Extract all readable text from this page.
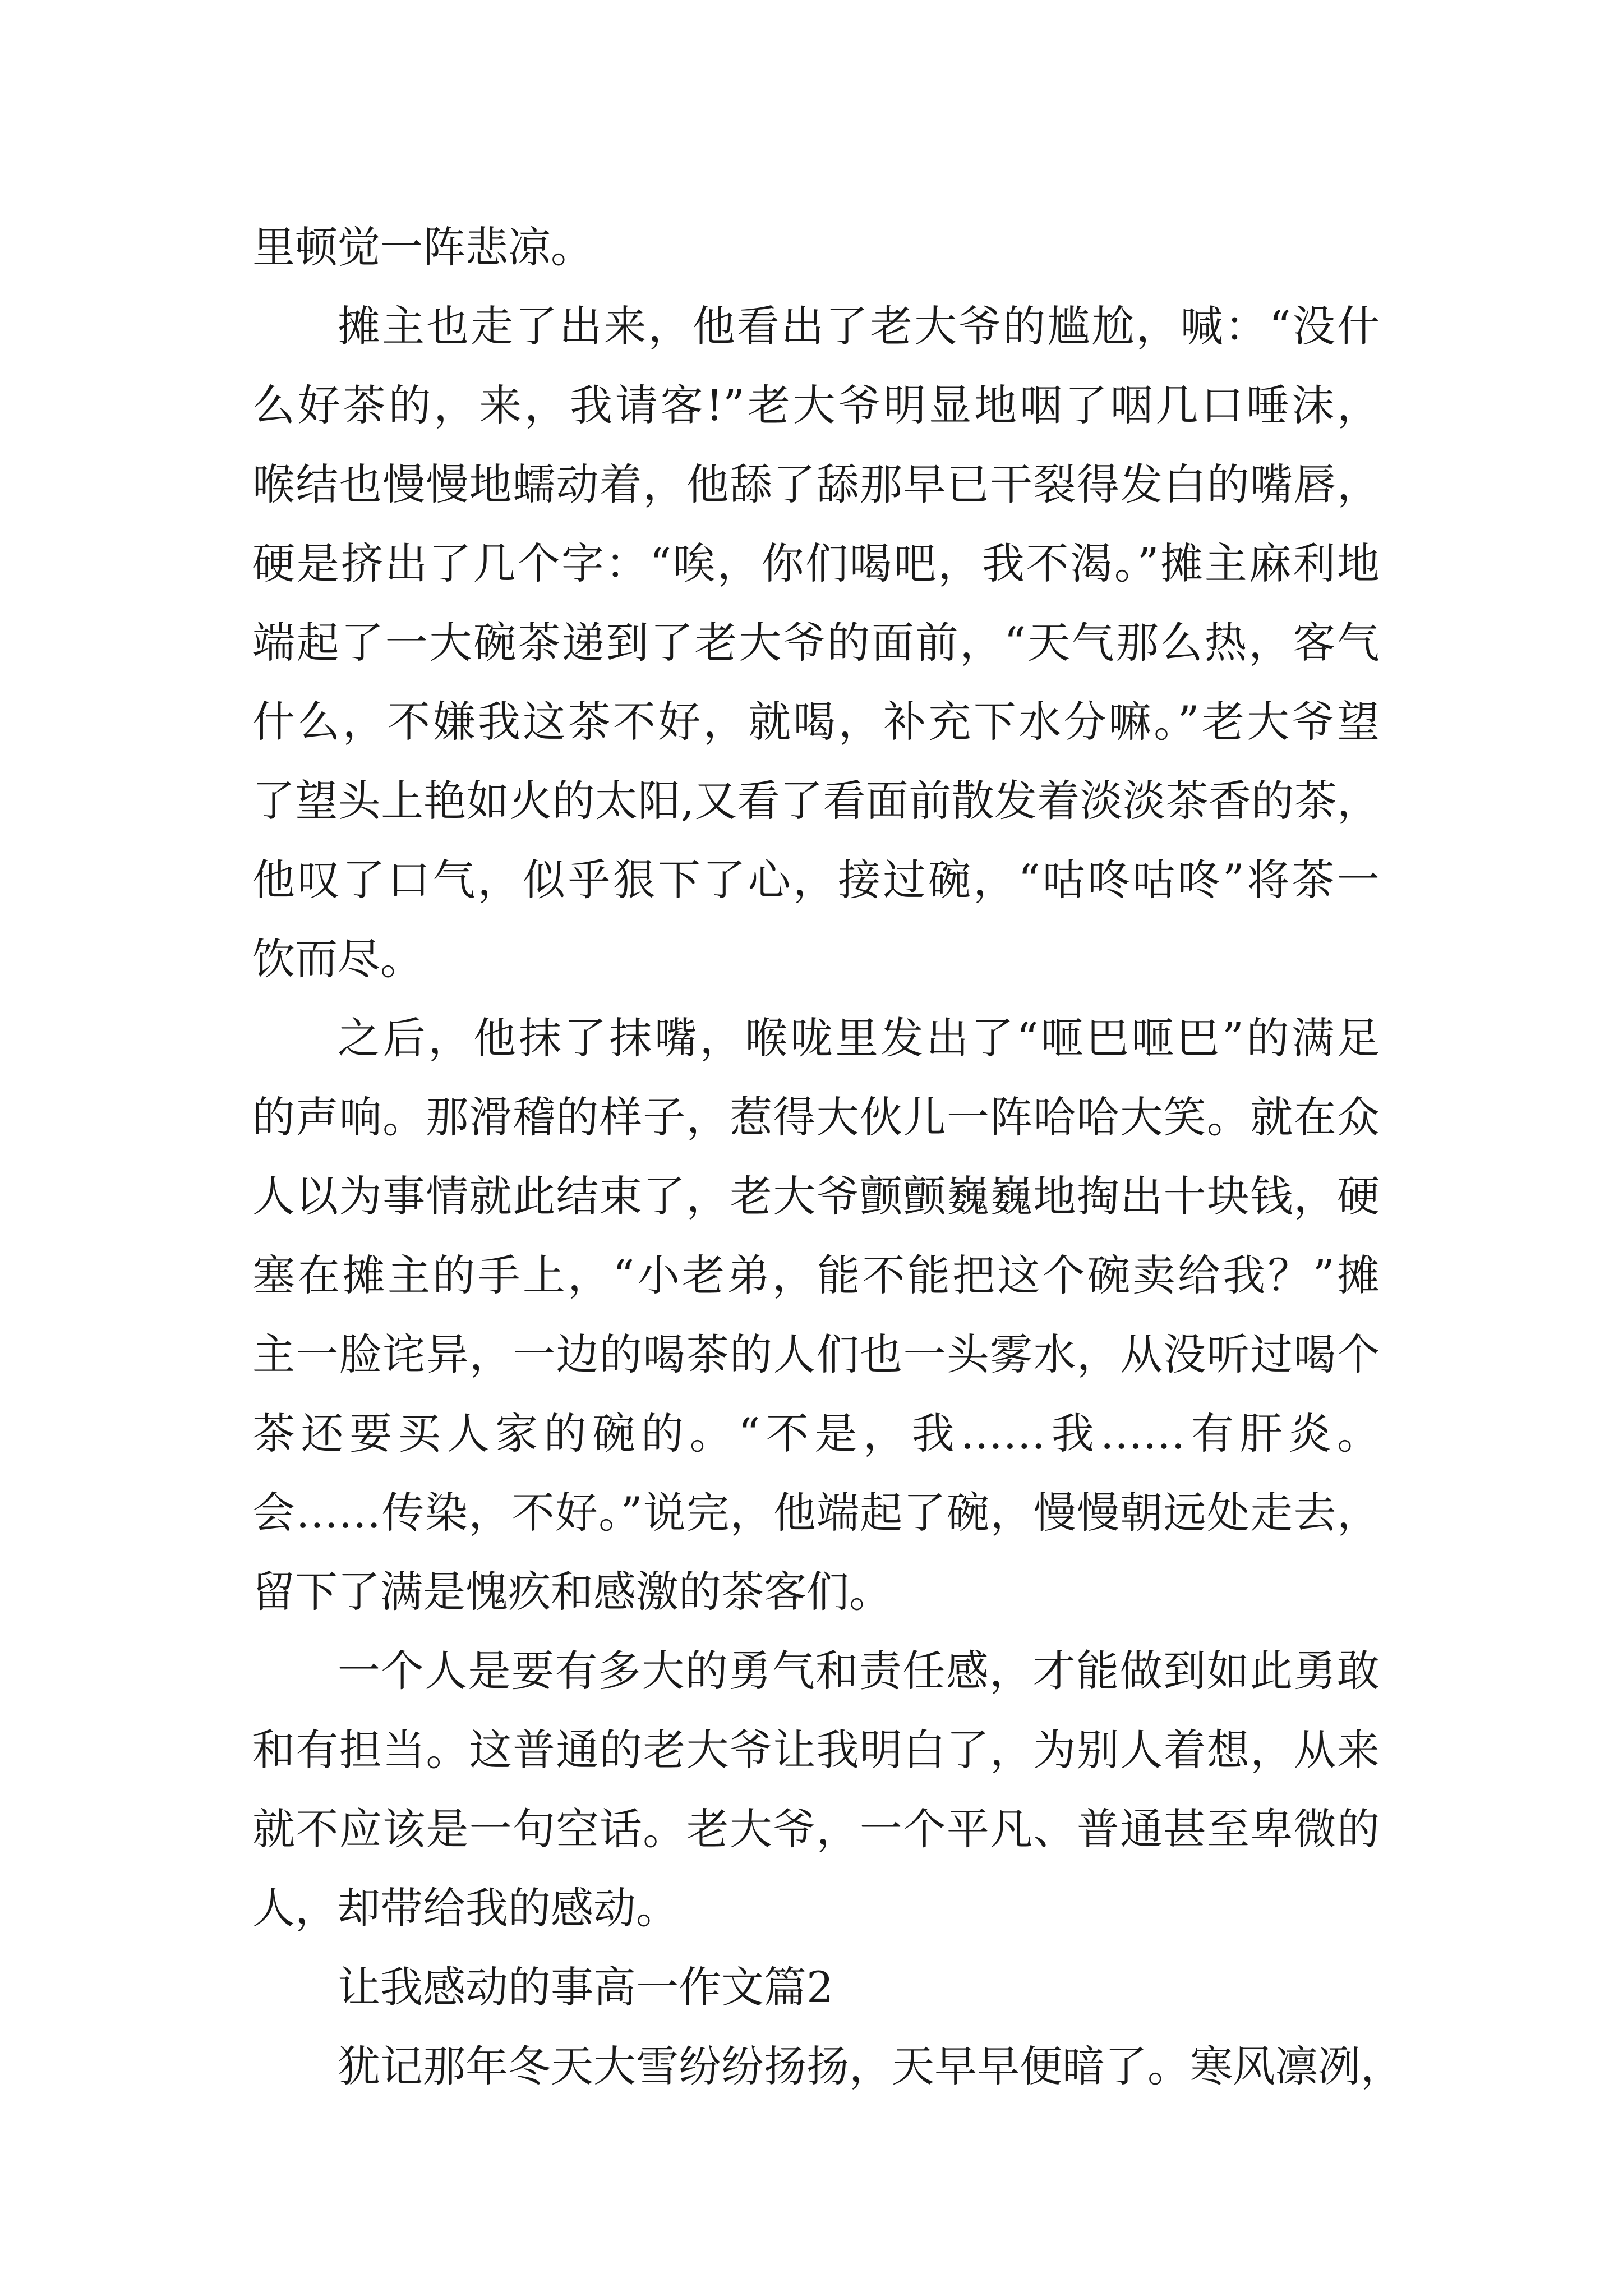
里顿觉一阵悲凉。
摊主也走了出来，他看出了老大爷的尴尬，喊：“没什
么好茶的，来，我请客!”老大爷明显地咽了咽几口唾沫，
喉结也慢慢地蠕动着，他舔了舔那早已干裂得发白的嘴唇，
硬是挤出了几个字：“唉，你们喝吧，我不渴。”摊主麻利地
端起了一大碗茶递到了老大爷的面前，“天气那么热，客气
什么，不嫌我这茶不好，就喝，补充下水分嘛。”老大爷望
了望头上艳如火的太阳,又看了看面前散发着淡淡茶香的茶，
他叹了口气，似乎狠下了心，接过碗，“咕咚咕咚”将茶一
饮而尽。
之后，他抹了抹嘴，喉咙里发出了“咂巴咂巴”的满足
的声响。那滑稽的样子，惹得大伙儿一阵哈哈大笑。就在众
人以为事情就此结束了，老大爷颤颤巍巍地掏出十块钱，硬
塞在摊主的手上，“小老弟，能不能把这个碗卖给我？”摊
主一脸诧异，一边的喝茶的人们也一头雾水，从没听过喝个
茶还要买人家的碗的。“不是，我……我……有肝炎。
会……传染，不好。”说完，他端起了碗，慢慢朝远处走去，
留下了满是愧疚和感激的茶客们。
一个人是要有多大的勇气和责任感，才能做到如此勇敢
和有担当。这普通的老大爷让我明白了，为别人着想，从来
就不应该是一句空话。老大爷，一个平凡、普通甚至卑微的
人，却带给我的感动。
让我感动的事高一作文篇2
犹记那年冬天大雪纷纷扬扬，天早早便暗了。寒风凛冽，
